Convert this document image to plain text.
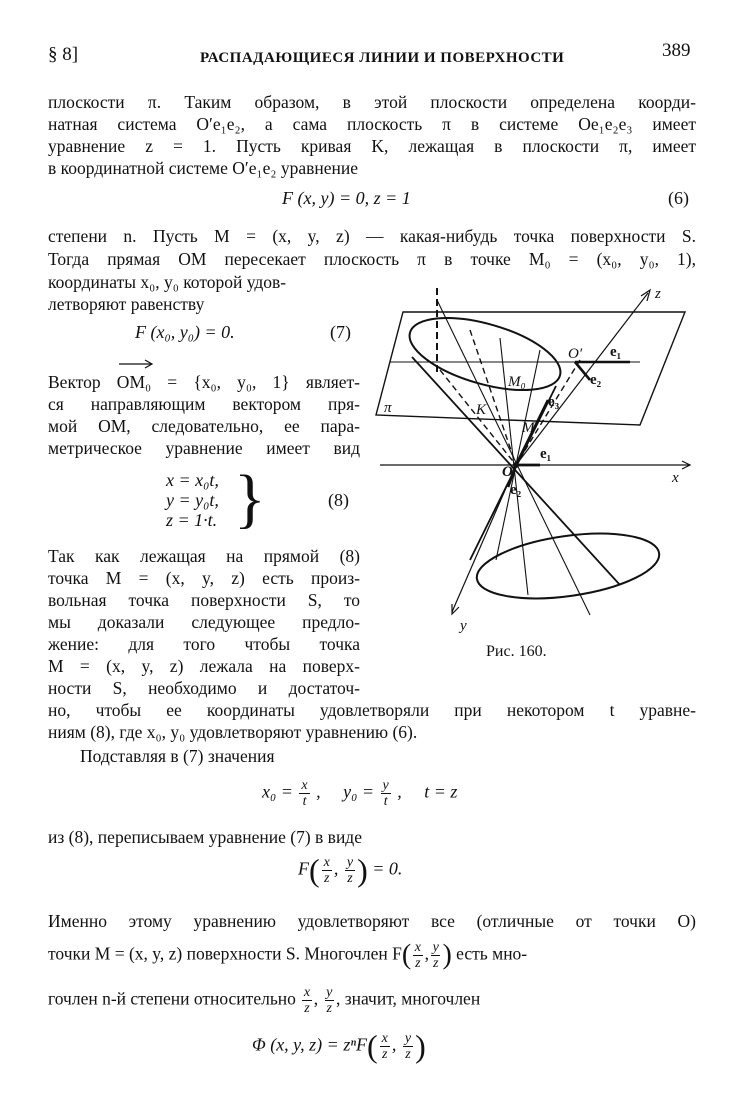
§ 8]	РАСПАДАЮЩИЕСЯ ЛИНИИ И ПОВЕРХНОСТИ	389
плоскости π. Таким образом, в этой плоскости определена коорди-
натная система O′e₁e₂, а сама плоскость π в системе Oe₁e₂e₃ имеет
уравнение z = 1. Пусть кривая K, лежащая в плоскости π, имеет
в координатной системе O′e₁e₂ уравнение
F (x, y) = 0, z = 1	(6)
степени n. Пусть M = (x, y, z) — какая-нибудь точка поверхности S.
Тогда прямая OM пересекает плоскость π в точке M₀ = (x₀, y₀, 1),
координаты x₀, y₀ которой удов-
летворяют равенству
F (x₀, y₀) = 0.	(7)
Вектор OM₀ = {x₀, y₀, 1} являет-
ся направляющим вектором пря-
мой OM, следовательно, ее пара-
метрическое уравнение имеет вид
x = x₀t,
y = y₀t,
z = 1·t. }	(8)
Так как лежащая на прямой (8)
точка M = (x, y, z) есть произ-
вольная точка поверхности S, то
мы доказали следующее предло-
жение: для того чтобы точка
M = (x, y, z) лежала на поверх-
ности S, необходимо и достаточ-
но, чтобы ее координаты удовлетворяли при некотором t уравне-
ниям (8), где x₀, y₀ удовлетворяют уравнению (6).
Подставляя в (7) значения
$x_0 = \frac{x}{t}$ ,     $y_0 = \frac{y}{t}$ ,     t = z
из (8), переписываем уравнение (7) в виде
$F( \frac{x}{z}$ , $\frac{y}{z}$ ) = 0.
Именно этому уравнению удовлетворяют все (отличные от точки O)
точки M = (x, y, z) поверхности S. Многочлен F( x
z , y
z ) есть мно-
гочлен n-й степени относительно x
z , y
z , значит, многочлен
Φ (x, y, $z) = z^nF( \frac{x}{z}$ , $\frac{y}{z}$ )
z
x
y
O
O′
M₀
M
K
π
e₁
e₂
e₃
e₁
e₂
Рис. 160.
